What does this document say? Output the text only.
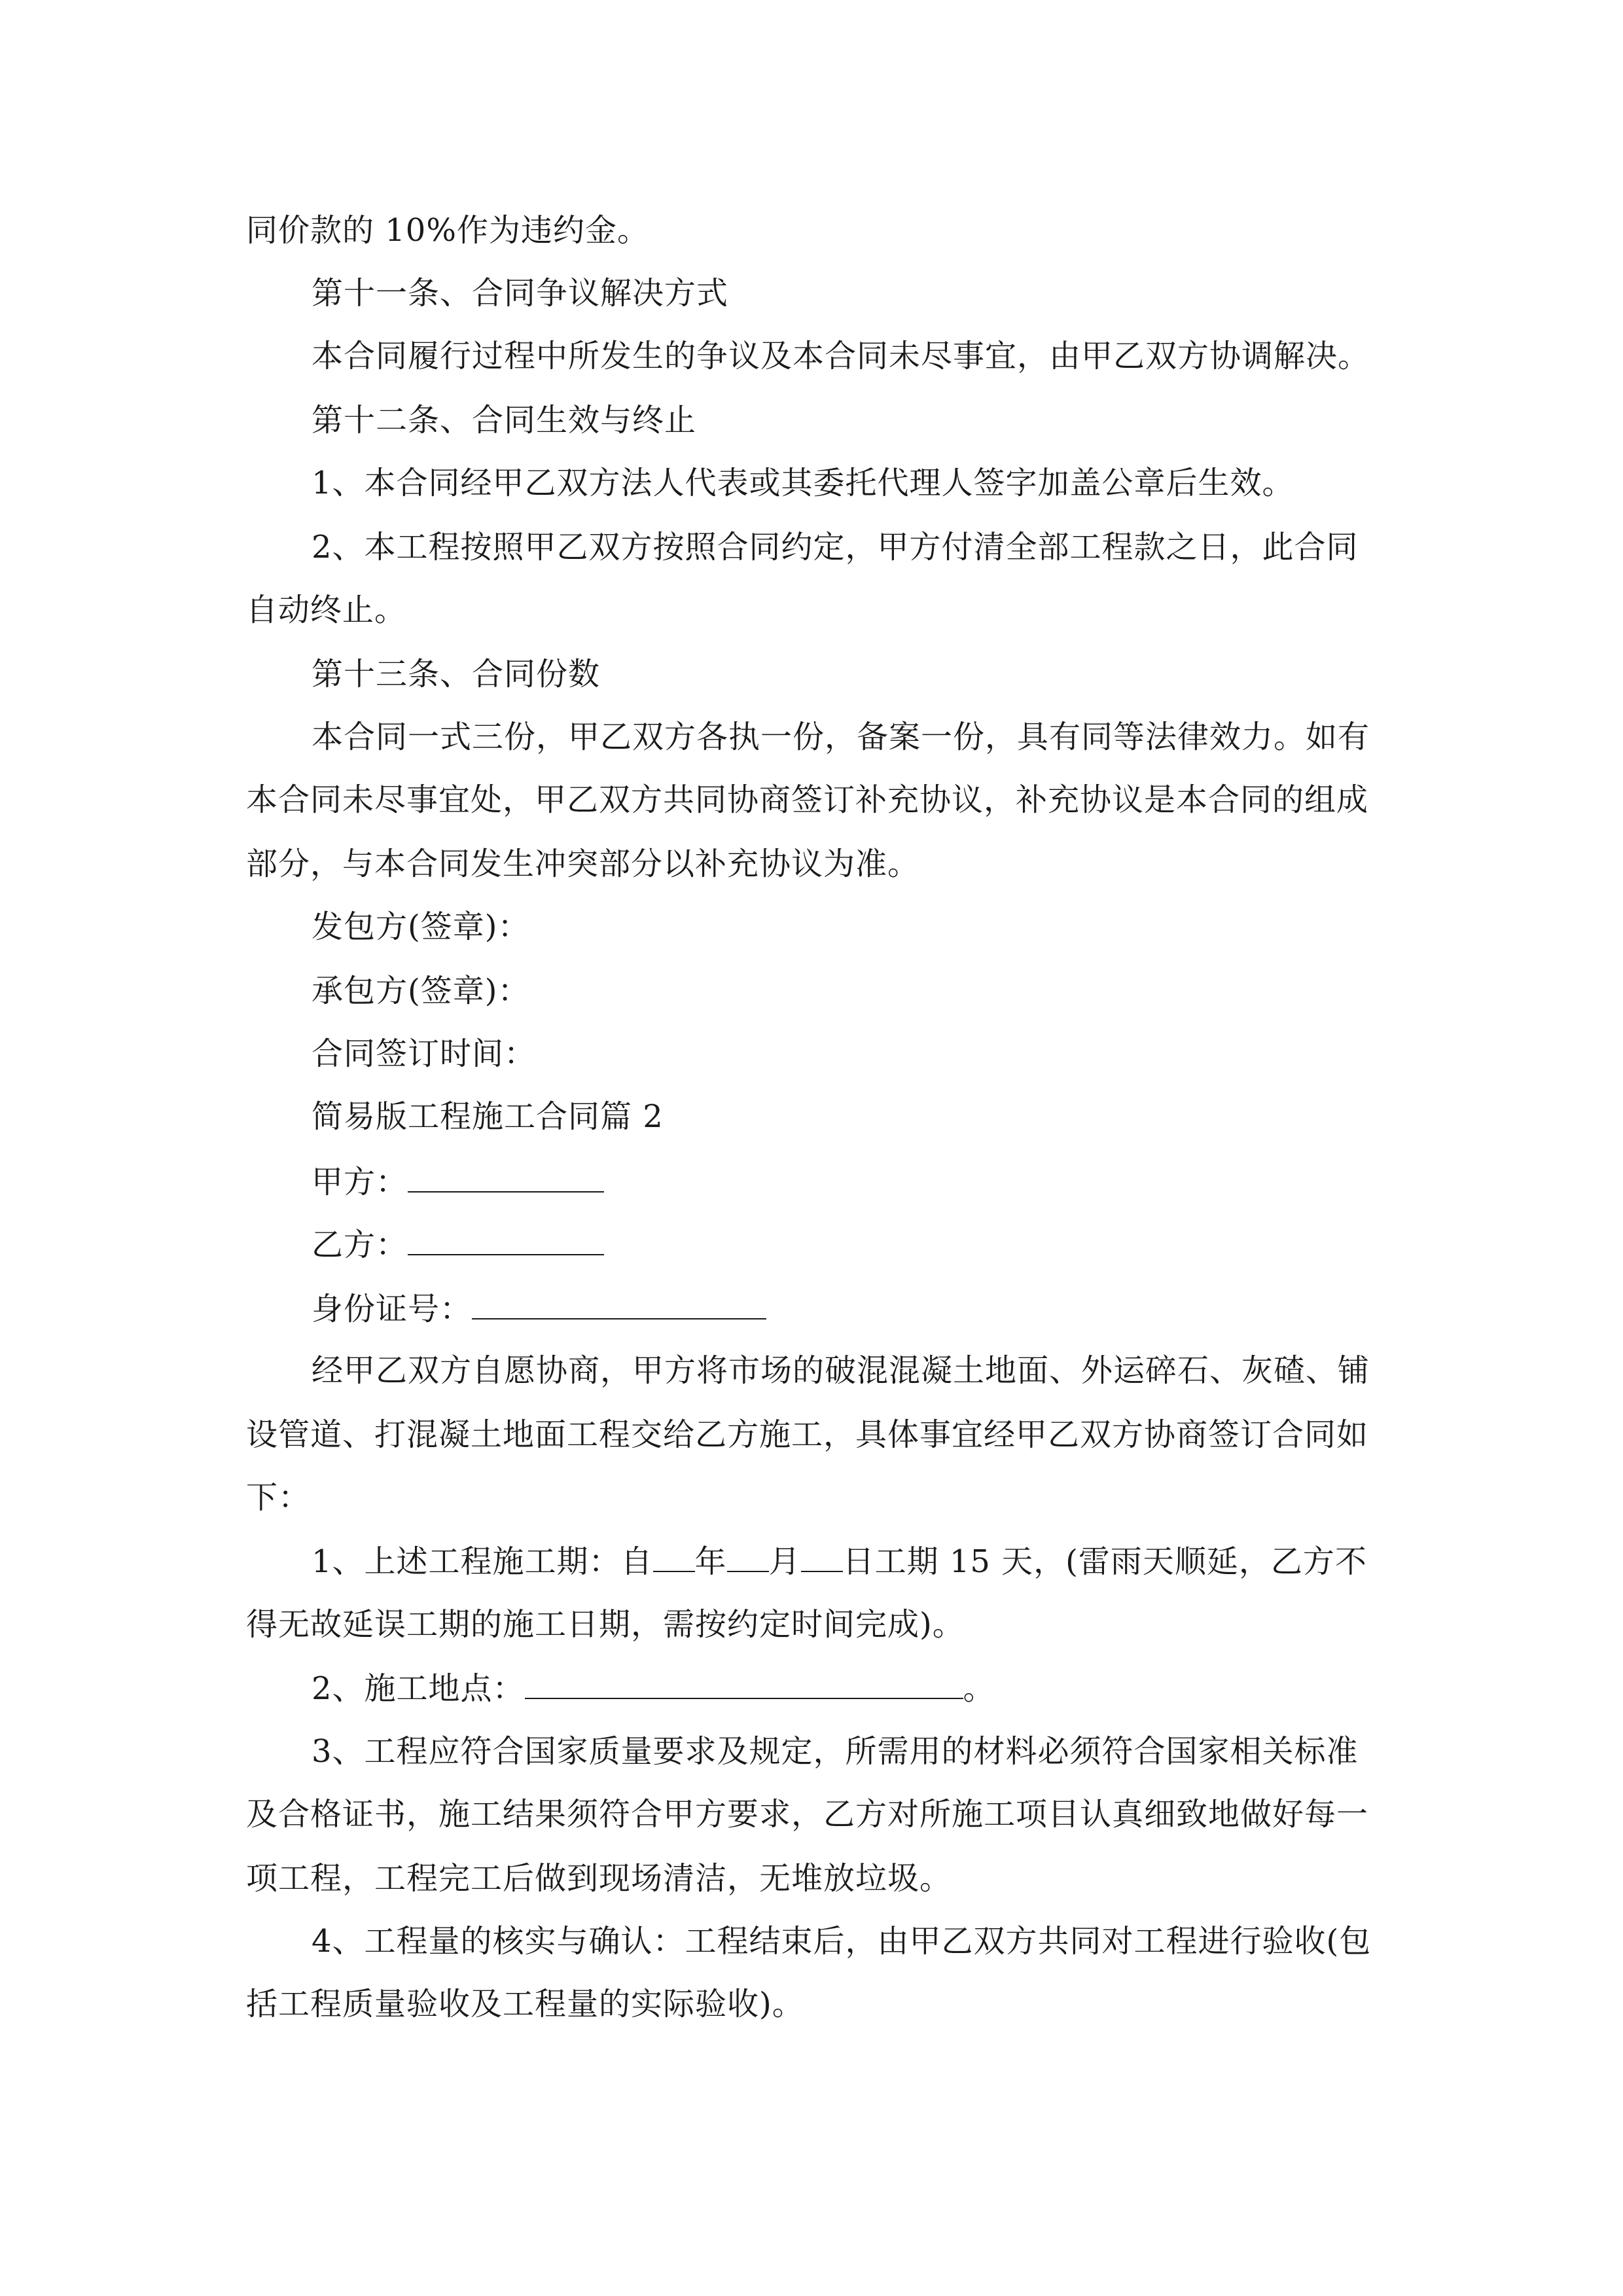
同价款的 10%作为违约金。
第十一条、合同争议解决方式
本合同履行过程中所发生的争议及本合同未尽事宜，由甲乙双方协调解决。
第十二条、合同生效与终止
1、本合同经甲乙双方法人代表或其委托代理人签字加盖公章后生效。
2、本工程按照甲乙双方按照合同约定，甲方付清全部工程款之日，此合同
自动终止。
第十三条、合同份数
本合同一式三份，甲乙双方各执一份，备案一份，具有同等法律效力。如有
本合同未尽事宜处，甲乙双方共同协商签订补充协议，补充协议是本合同的组成
部分，与本合同发生冲突部分以补充协议为准。
发包方(签章)：
承包方(签章)：
合同签订时间：
简易版工程施工合同篇 2
甲方：
乙方：
身份证号：
经甲乙双方自愿协商，甲方将市场的破混混凝土地面、外运碎石、灰碴、铺
设管道、打混凝土地面工程交给乙方施工，具体事宜经甲乙双方协商签订合同如
下：
1、上述工程施工期：自 年 月 日工期 15 天，(雷雨天顺延，乙方不
得无故延误工期的施工日期，需按约定时间完成)。
2、施工地点：	。
3、工程应符合国家质量要求及规定，所需用的材料必须符合国家相关标准
及合格证书，施工结果须符合甲方要求，乙方对所施工项目认真细致地做好每一
项工程，工程完工后做到现场清洁，无堆放垃圾。
4、工程量的核实与确认：工程结束后，由甲乙双方共同对工程进行验收(包
括工程质量验收及工程量的实际验收)。
